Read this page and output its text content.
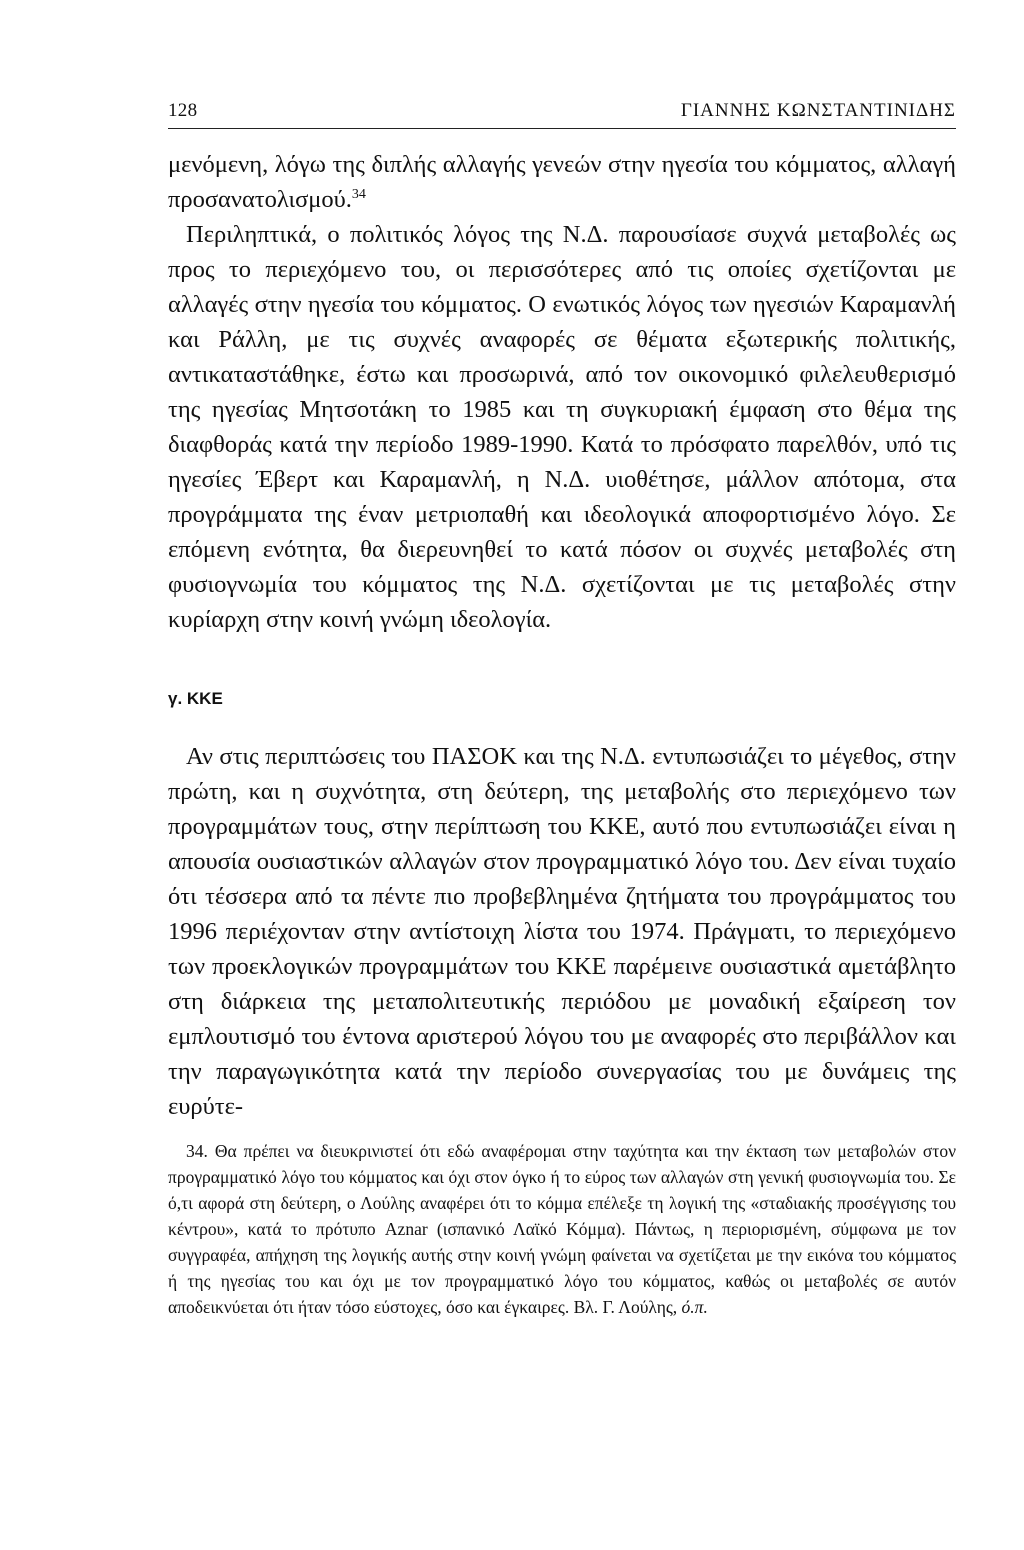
128	ΓΙΑΝΝΗΣ ΚΩΝΣΤΑΝΤΙΝΙΔΗΣ

μενόμενη, λόγω της διπλής αλλαγής γενεών στην ηγεσία του κόμματος, αλλαγή προσανατολισμού.$^{34}$

Περιληπτικά, ο πολιτικός λόγος της Ν.Δ. παρουσίασε συχνά μεταβολές ως προς το περιεχόμενο του, οι περισσότερες από τις οποίες σχετίζονται με αλλαγές στην ηγεσία του κόμματος. Ο ενωτικός λόγος των ηγεσιών Καραμανλή και Ράλλη, με τις συχνές αναφορές σε θέματα εξωτερικής πολιτικής, αντικαταστάθηκε, έστω και προσωρινά, από τον οικονομικό φιλελευθερισμό της ηγεσίας Μητσοτάκη το 1985 και τη συγκυριακή έμφαση στο θέμα της διαφθοράς κατά την περίοδο 1989-1990. Κατά το πρόσφατο παρελθόν, υπό τις ηγεσίες Έβερτ και Καραμανλή, η Ν.Δ. υιοθέτησε, μάλλον απότομα, στα προγράμματα της έναν μετριοπαθή και ιδεολογικά αποφορτισμένο λόγο. Σε επόμενη ενότητα, θα διερευνηθεί το κατά πόσον οι συχνές μεταβολές στη φυσιογνωμία του κόμματος της Ν.Δ. σχετίζονται με τις μεταβολές στην κυρίαρχη στην κοινή γνώμη ιδεολογία.

γ. ΚΚΕ

Αν στις περιπτώσεις του ΠΑΣΟΚ και της Ν.Δ. εντυπωσιάζει το μέγεθος, στην πρώτη, και η συχνότητα, στη δεύτερη, της μεταβολής στο περιεχόμενο των προγραμμάτων τους, στην περίπτωση του ΚΚΕ, αυτό που εντυπωσιάζει είναι η απουσία ουσιαστικών αλλαγών στον προγραμματικό λόγο του. Δεν είναι τυχαίο ότι τέσσερα από τα πέντε πιο προβεβλημένα ζητήματα του προγράμματος του 1996 περιέχονταν στην αντίστοιχη λίστα του 1974. Πράγματι, το περιεχόμενο των προεκλογικών προγραμμάτων του ΚΚΕ παρέμεινε ουσιαστικά αμετάβλητο στη διάρκεια της μεταπολιτευτικής περιόδου με μοναδική εξαίρεση τον εμπλουτισμό του έντονα αριστερού λόγου του με αναφορές στο περιβάλλον και την παραγωγικότητα κατά την περίοδο συνεργασίας του με δυνάμεις της ευρύτε-

34. Θα πρέπει να διευκρινιστεί ότι εδώ αναφέρομαι στην ταχύτητα και την έκταση των μεταβολών στον προγραμματικό λόγο του κόμματος και όχι στον όγκο ή το εύρος των αλλαγών στη γενική φυσιογνωμία του. Σε ό,τι αφορά στη δεύτερη, ο Λούλης αναφέρει ότι το κόμμα επέλεξε τη λογική της «σταδιακής προσέγγισης του κέντρου», κατά το πρότυπο Aznar (ισπανικό Λαϊκό Κόμμα). Πάντως, η περιορισμένη, σύμφωνα με τον συγγραφέα, απήχηση της λογικής αυτής στην κοινή γνώμη φαίνεται να σχετίζεται με την εικόνα του κόμματος ή της ηγεσίας του και όχι με τον προγραμματικό λόγο του κόμματος, καθώς οι μεταβολές σε αυτόν αποδεικνύεται ότι ήταν τόσο εύστοχες, όσο και έγκαιρες. Βλ. Γ. Λούλης, ό.π.
